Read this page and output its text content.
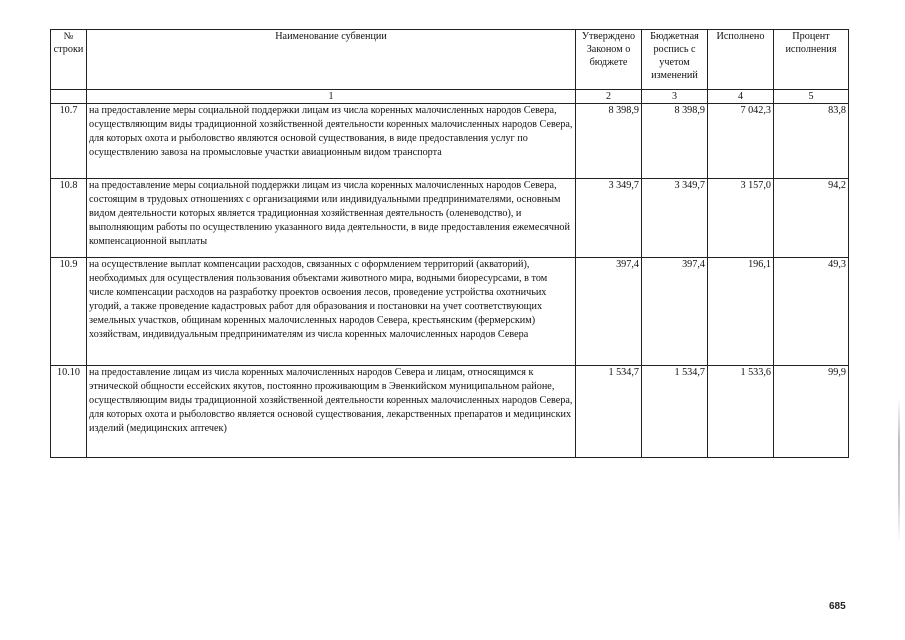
№ строки	Наименование субвенции	Утверждено Законом о бюджете	Бюджетная роспись с учетом изменений	Исполнено	Процент исполнения
	1	2	3	4	5
10.7	на предоставление меры социальной поддержки лицам из числа коренных малочисленных народов Севера, осуществляющим виды традиционной хозяйственной деятельности коренных малочисленных народов Севера, для которых охота и рыболовство являются основой существования, в виде предоставления услуг по осуществлению завоза на промысловые участки авиационным видом транспорта	8 398,9	8 398,9	7 042,3	83,8
10.8	на предоставление меры социальной поддержки лицам из числа коренных малочисленных народов Севера, состоящим в трудовых отношениях с организациями или индивидуальными предпринимателями, основным видом деятельности которых является традиционная хозяйственная деятельность (оленеводство), и выполняющим работы по осуществлению указанного вида деятельности, в виде предоставления ежемесячной компенсационной выплаты	3 349,7	3 349,7	3 157,0	94,2
10.9	на осуществление выплат компенсации расходов, связанных с оформлением территорий (акваторий), необходимых для осуществления пользования объектами животного мира, водными биоресурсами, в том числе компенсации расходов на разработку проектов освоения лесов, проведение устройства охотничьих угодий, а также проведение кадастровых работ для образования и постановки на учет соответствующих земельных участков, общинам коренных малочисленных народов Севера, крестьянским (фермерским) хозяйствам, индивидуальным предпринимателям из числа коренных малочисленных народов Севера	397,4	397,4	196,1	49,3
10.10	на предоставление лицам из числа коренных малочисленных народов Севера и лицам, относящимся к этнической общности ессейских якутов, постоянно проживающим в Эвенкийском муниципальном районе, осуществляющим виды традиционной хозяйственной деятельности коренных малочисленных народов Севера, для которых охота и рыболовство является основой существования, лекарственных препаратов и медицинских изделий (медицинских аптечек)	1 534,7	1 534,7	1 533,6	99,9
685
